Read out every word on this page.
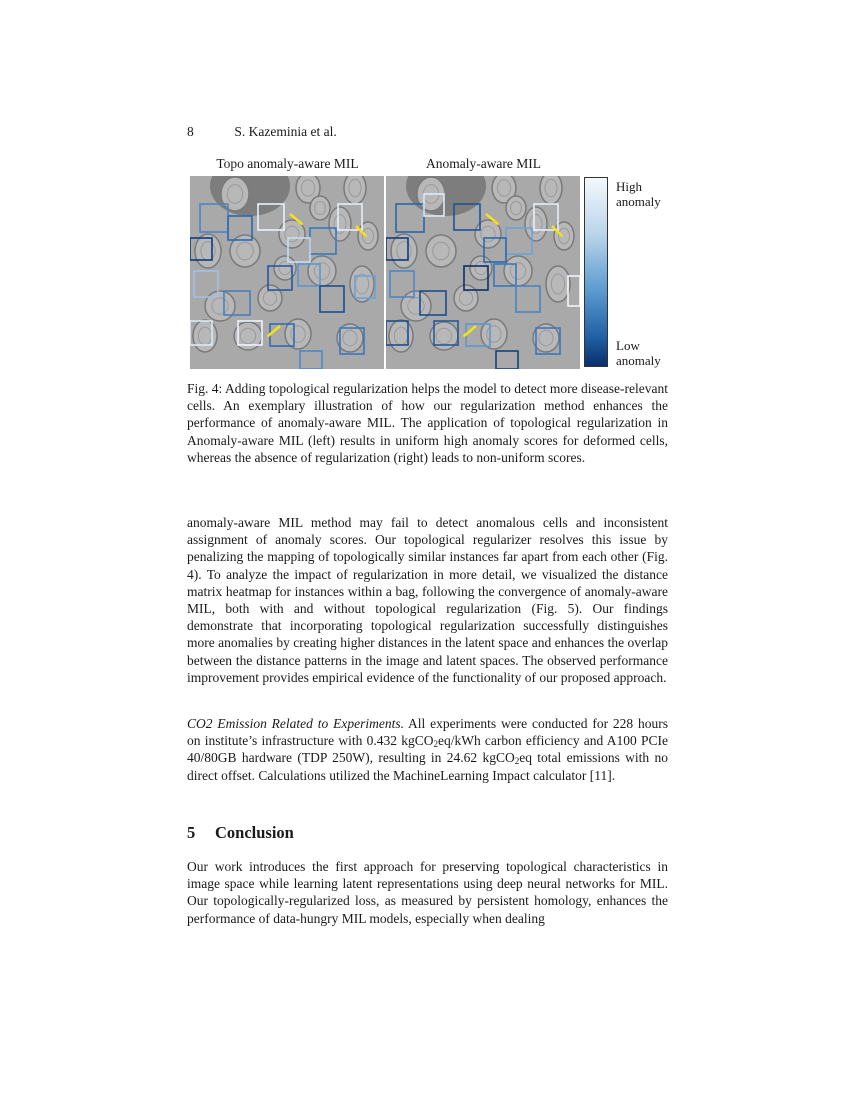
8	S. Kazeminia et al.
Topo anomaly-aware MIL	Anomaly-aware MIL
High
anomaly
Low
anomaly
Fig. 4: Adding topological regularization helps the model to detect more disease-relevant cells. An exemplary illustration of how our regularization method enhances the performance of anomaly-aware MIL. The application of topological regularization in Anomaly-aware MIL (left) results in uniform high anomaly scores for deformed cells, whereas the absence of regularization (right) leads to non-uniform scores.

anomaly-aware MIL method may fail to detect anomalous cells and inconsistent assignment of anomaly scores. Our topological regularizer resolves this issue by penalizing the mapping of topologically similar instances far apart from each other (Fig. 4). To analyze the impact of regularization in more detail, we visualized the distance matrix heatmap for instances within a bag, following the convergence of anomaly-aware MIL, both with and without topological regularization (Fig. 5). Our findings demonstrate that incorporating topological regularization successfully distinguishes more anomalies by creating higher distances in the latent space and enhances the overlap between the distance patterns in the image and latent spaces. The observed performance improvement provides empirical evidence of the functionality of our proposed approach.

CO2 Emission Related to Experiments. All experiments were conducted for 228 hours on institute’s infrastructure with 0.432 kgCO$_2$eq/kWh carbon efficiency and A100 PCIe 40/80GB hardware (TDP 250W), resulting in 24.62 kgCO$_2$eq total emissions with no direct offset. Calculations utilized the MachineLearning Impact calculator [11].

5 Conclusion

Our work introduces the first approach for preserving topological characteristics in image space while learning latent representations using deep neural networks for MIL. Our topologically-regularized loss, as measured by persistent homology, enhances the performance of data-hungry MIL models, especially when dealing
